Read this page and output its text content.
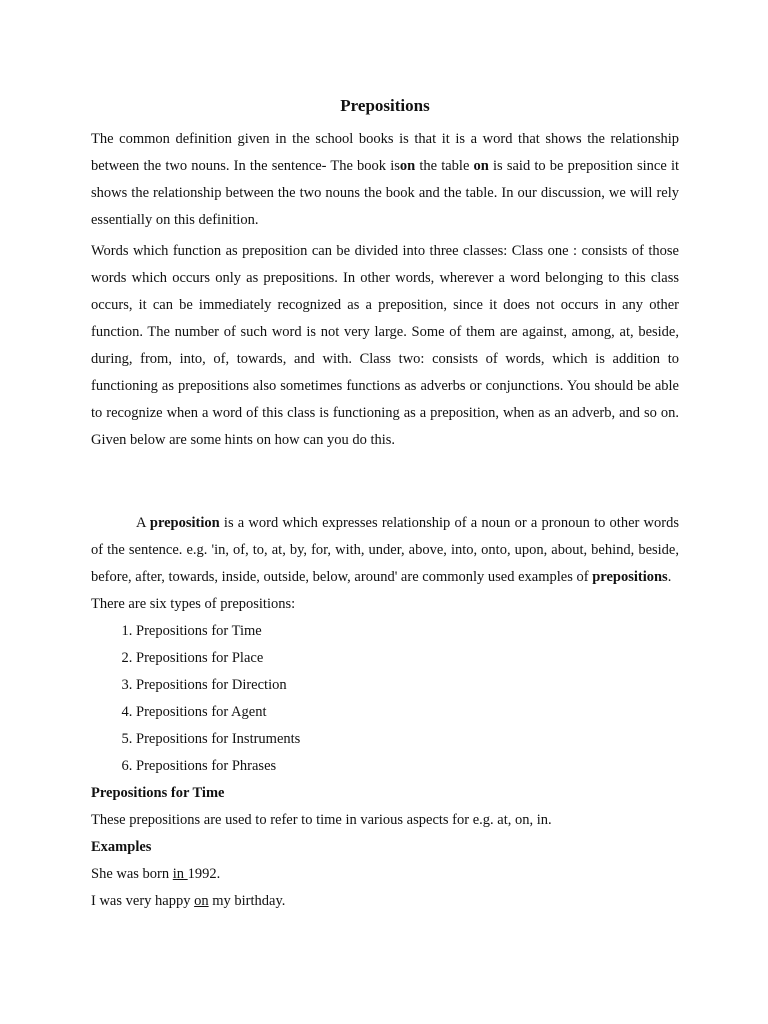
Prepositions

The common definition given in the school books is that it is a word that shows the relationship between the two nouns. In the sentence- The book ison the table on is said to be preposition since it shows the relationship between the two nouns the book and the table. In our discussion, we will rely essentially on this definition.

Words which function as preposition can be divided into three classes: Class one : consists of those words which occurs only as prepositions. In other words, wherever a word belonging to this class occurs, it can be immediately recognized as a preposition, since it does not occurs in any other function. The number of such word is not very large. Some of them are against, among, at, beside, during, from, into, of, towards, and with. Class two: consists of words, which is addition to functioning as prepositions also sometimes functions as adverbs or conjunctions. You should be able to recognize when a word of this class is functioning as a preposition, when as an adverb, and so on. Given below are some hints on how can you do this.

A preposition is a word which expresses relationship of a noun or a pronoun to other words of the sentence. e.g. 'in, of, to, at, by, for, with, under, above, into, onto, upon, about, behind, beside, before, after, towards, inside, outside, below, around' are commonly used examples of prepositions.

There are six types of prepositions:

1. Prepositions for Time
2. Prepositions for Place
3. Prepositions for Direction
4. Prepositions for Agent
5. Prepositions for Instruments
6. Prepositions for Phrases
Prepositions for Time

These prepositions are used to refer to time in various aspects for e.g. at, on, in.

Examples

She was born in 1992.

I was very happy on my birthday.
